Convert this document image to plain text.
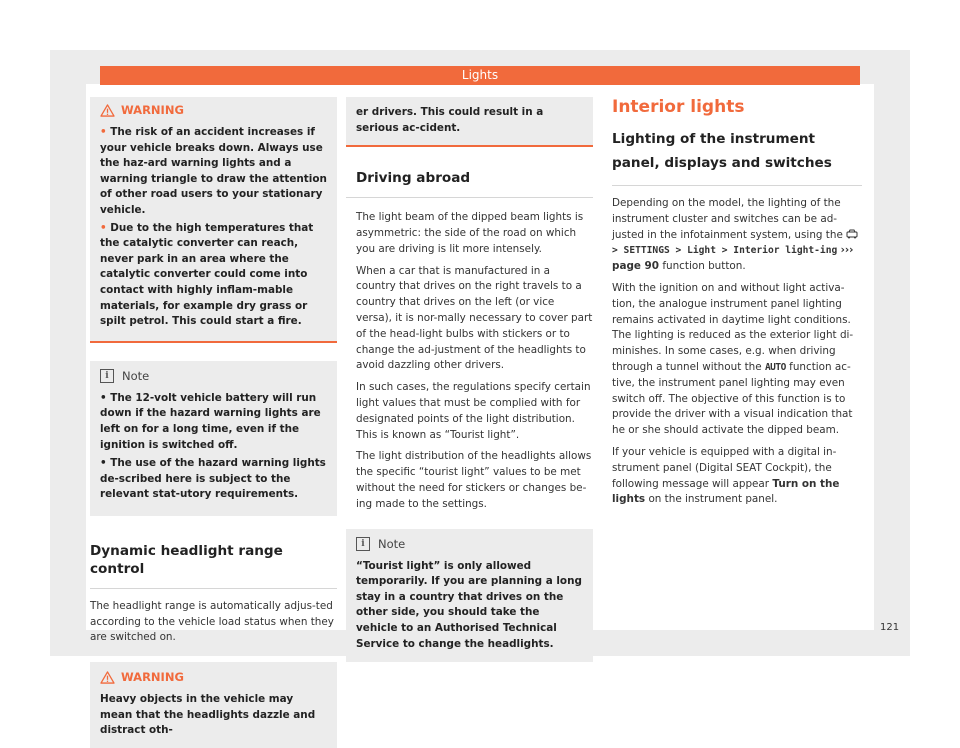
Lights
WARNING
• The risk of an accident increases if your vehicle breaks down. Always use the haz-ard warning lights and a warning triangle to draw the attention of other road users to your stationary vehicle.
• Due to the high temperatures that the catalytic converter can reach, never park in an area where the catalytic converter could come into contact with highly inflam-mable materials, for example dry grass or spilt petrol. This could start a fire.
i	Note
• The 12-volt vehicle battery will run down if the hazard warning lights are left on for a long time, even if the ignition is switched off.
• The use of the hazard warning lights de-scribed here is subject to the relevant stat-utory requirements.
Dynamic headlight range control
The headlight range is automatically adjus-ted according to the vehicle load status when they are switched on.
WARNING
Heavy objects in the vehicle may mean that the headlights dazzle and distract oth-
er drivers. This could result in a serious ac-cident.
Driving abroad
The light beam of the dipped beam lights is asymmetric: the side of the road on which you are driving is lit more intensely.
When a car that is manufactured in a country that drives on the right travels to a country that drives on the left (or vice versa), it is nor-mally necessary to cover part of the head-light bulbs with stickers or to change the ad-justment of the headlights to avoid dazzling other drivers.
In such cases, the regulations specify certain light values that must be complied with for designated points of the light distribution. This is known as “Tourist light”.
The light distribution of the headlights allows the specific “tourist light” values to be met without the need for stickers or changes be-ing made to the settings.
i	Note
“Tourist light” is only allowed temporarily. If you are planning a long stay in a country that drives on the other side, you should take the vehicle to an Authorised Technical Service to change the headlights.
Interior lights
Lighting of the instrument panel, displays and switches
Depending on the model, the lighting of the instrument cluster and switches can be ad-justed in the infotainment system, using the  > SETTINGS > Light > Interior light-ing ››› page 90 function button.
With the ignition on and without light activa-tion, the analogue instrument panel lighting remains activated in daytime light conditions. The lighting is reduced as the exterior light di-minishes. In some cases, e.g. when driving through a tunnel without the AUTO function ac-tive, the instrument panel lighting may even switch off. The objective of this function is to provide the driver with a visual indication that he or she should activate the dipped beam.
If your vehicle is equipped with a digital in-strument panel (Digital SEAT Cockpit), the following message will appear Turn on the lights on the instrument panel.
121
